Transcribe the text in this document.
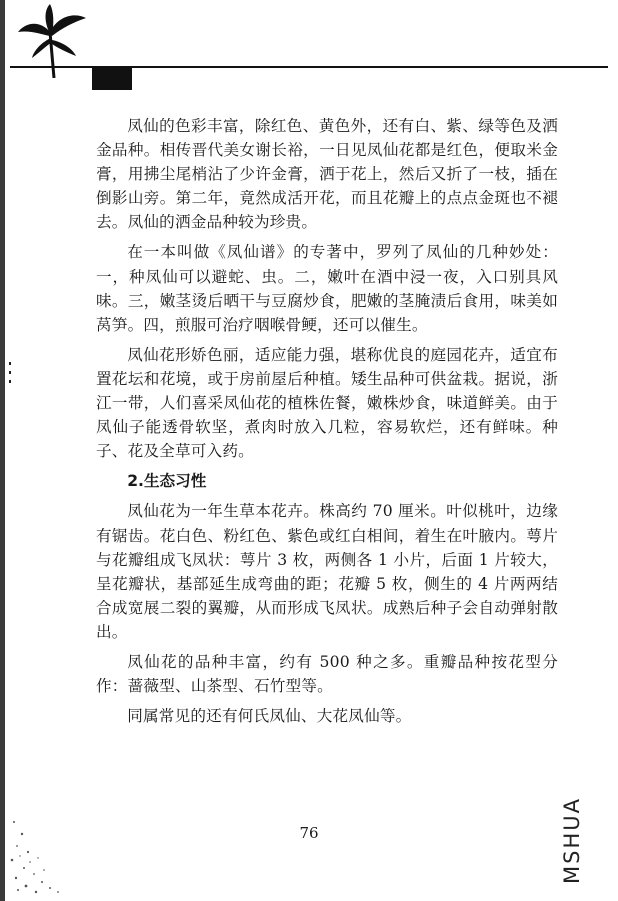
凤仙的色彩丰富，除红色、黄色外，还有白、紫、绿等色及洒金品种。相传晋代美女谢长裕，一日见凤仙花都是红色，便取米金膏，用拂尘尾梢沾了少许金膏，洒于花上，然后又折了一枝，插在倒影山旁。第二年，竟然成活开花，而且花瓣上的点点金斑也不褪去。凤仙的洒金品种较为珍贵。

在一本叫做《凤仙谱》的专著中，罗列了凤仙的几种妙处：一，种凤仙可以避蛇、虫。二，嫩叶在酒中浸一夜，入口别具风味。三，嫩茎烫后晒干与豆腐炒食，肥嫩的茎腌渍后食用，味美如莴笋。四，煎服可治疗咽喉骨鲠，还可以催生。

凤仙花形娇色丽，适应能力强，堪称优良的庭园花卉，适宜布置花坛和花境，或于房前屋后种植。矮生品种可供盆栽。据说，浙江一带，人们喜采凤仙花的植株佐餐，嫩株炒食，味道鲜美。由于凤仙子能透骨软坚，煮肉时放入几粒，容易软烂，还有鲜味。种子、花及全草可入药。

2.生态习性

凤仙花为一年生草本花卉。株高约 70 厘米。叶似桃叶，边缘有锯齿。花白色、粉红色、紫色或红白相间，着生在叶腋内。萼片与花瓣组成飞凤状：萼片 3 枚，两侧各 1 小片，后面 1 片较大，呈花瓣状，基部延生成弯曲的距；花瓣 5 枚，侧生的 4 片两两结合成宽展二裂的翼瓣，从而形成飞凤状。成熟后种子会自动弹射散出。

凤仙花的品种丰富，约有 500 种之多。重瓣品种按花型分作：蔷薇型、山茶型、石竹型等。

同属常见的还有何氏凤仙、大花凤仙等。

76	MSHUA
